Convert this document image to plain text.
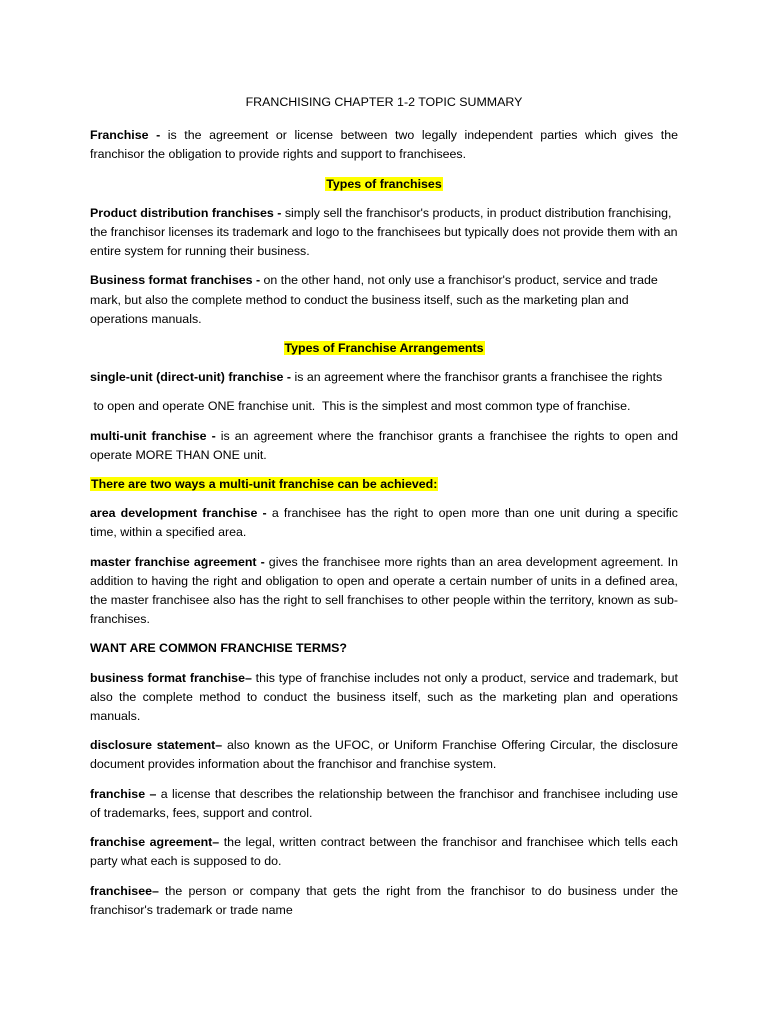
FRANCHISING CHAPTER 1-2 TOPIC SUMMARY

Franchise - is the agreement or license between two legally independent parties which gives the franchisor the obligation to provide rights and support to franchisees.

Types of franchises

Product distribution franchises - simply sell the franchisor's products, in product distribution franchising, the franchisor licenses its trademark and logo to the franchisees but typically does not provide them with an entire system for running their business.

Business format franchises - on the other hand, not only use a franchisor's product, service and trade mark, but also the complete method to conduct the business itself, such as the marketing plan and operations manuals.

Types of Franchise Arrangements

single-unit (direct-unit) franchise - is an agreement where the franchisor grants a franchisee the rights

to open and operate ONE franchise unit.  This is the simplest and most common type of franchise.

multi-unit franchise - is an agreement where the franchisor grants a franchisee the rights to open and operate MORE THAN ONE unit.

There are two ways a multi-unit franchise can be achieved:

area development franchise - a franchisee has the right to open more than one unit during a specific time, within a specified area.

master franchise agreement - gives the franchisee more rights than an area development agreement. In addition to having the right and obligation to open and operate a certain number of units in a defined area, the master franchisee also has the right to sell franchises to other people within the territory, known as sub-franchises.

WANT ARE COMMON FRANCHISE TERMS?

business format franchise– this type of franchise includes not only a product, service and trademark, but also the complete method to conduct the business itself, such as the marketing plan and operations manuals.

disclosure statement– also known as the UFOC, or Uniform Franchise Offering Circular, the disclosure document provides information about the franchisor and franchise system.

franchise – a license that describes the relationship between the franchisor and franchisee including use of trademarks, fees, support and control.

franchise agreement– the legal, written contract between the franchisor and franchisee which tells each party what each is supposed to do.

franchisee– the person or company that gets the right from the franchisor to do business under the franchisor's trademark or trade name
